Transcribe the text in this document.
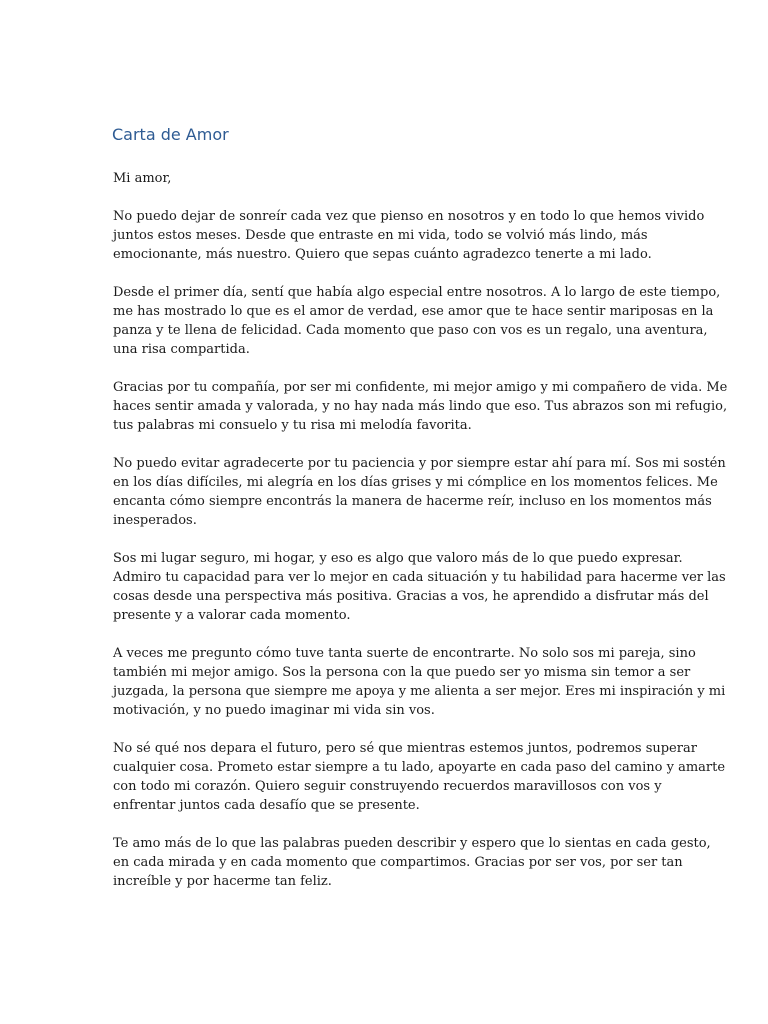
Carta de Amor

Mi amor,

No puedo dejar de sonreír cada vez que pienso en nosotros y en todo lo que hemos vivido
juntos estos meses. Desde que entraste en mi vida, todo se volvió más lindo, más
emocionante, más nuestro. Quiero que sepas cuánto agradezco tenerte a mi lado.

Desde el primer día, sentí que había algo especial entre nosotros. A lo largo de este tiempo,
me has mostrado lo que es el amor de verdad, ese amor que te hace sentir mariposas en la
panza y te llena de felicidad. Cada momento que paso con vos es un regalo, una aventura,
una risa compartida.

Gracias por tu compañía, por ser mi confidente, mi mejor amigo y mi compañero de vida. Me
haces sentir amada y valorada, y no hay nada más lindo que eso. Tus abrazos son mi refugio,
tus palabras mi consuelo y tu risa mi melodía favorita.

No puedo evitar agradecerte por tu paciencia y por siempre estar ahí para mí. Sos mi sostén
en los días difíciles, mi alegría en los días grises y mi cómplice en los momentos felices. Me
encanta cómo siempre encontrás la manera de hacerme reír, incluso en los momentos más
inesperados.

Sos mi lugar seguro, mi hogar, y eso es algo que valoro más de lo que puedo expresar.
Admiro tu capacidad para ver lo mejor en cada situación y tu habilidad para hacerme ver las
cosas desde una perspectiva más positiva. Gracias a vos, he aprendido a disfrutar más del
presente y a valorar cada momento.

A veces me pregunto cómo tuve tanta suerte de encontrarte. No solo sos mi pareja, sino
también mi mejor amigo. Sos la persona con la que puedo ser yo misma sin temor a ser
juzgada, la persona que siempre me apoya y me alienta a ser mejor. Eres mi inspiración y mi
motivación, y no puedo imaginar mi vida sin vos.

No sé qué nos depara el futuro, pero sé que mientras estemos juntos, podremos superar
cualquier cosa. Prometo estar siempre a tu lado, apoyarte en cada paso del camino y amarte
con todo mi corazón. Quiero seguir construyendo recuerdos maravillosos con vos y
enfrentar juntos cada desafío que se presente.

Te amo más de lo que las palabras pueden describir y espero que lo sientas en cada gesto,
en cada mirada y en cada momento que compartimos. Gracias por ser vos, por ser tan
increíble y por hacerme tan feliz.
